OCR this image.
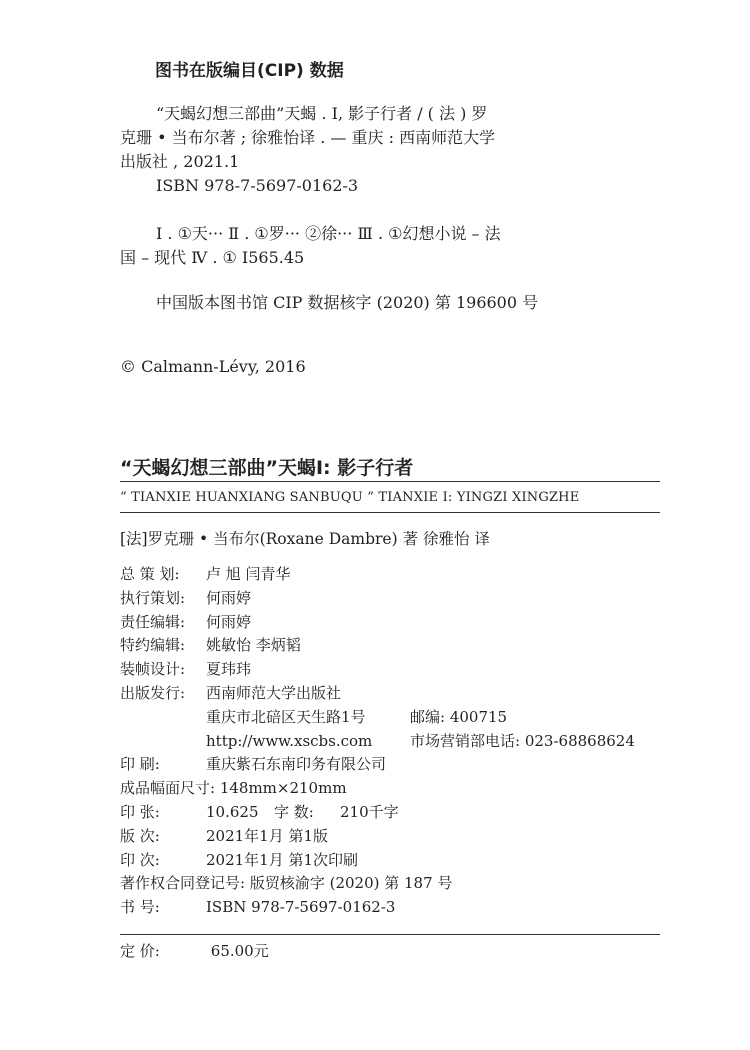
图书在版编目(CIP) 数据
“天蝎幻想三部曲”天蝎 . Ⅰ, 影子行者 / ( 法 ) 罗
克珊 • 当布尔著 ; 徐雅怡译 . — 重庆 : 西南师范大学
出版社 , 2021.1
ISBN 978-7-5697-0162-3
Ⅰ . ①天··· Ⅱ . ①罗··· ②徐··· Ⅲ . ①幻想小说 – 法
国 – 现代 Ⅳ . ① I565.45
中国版本图书馆 CIP 数据核字 (2020) 第 196600 号
© Calmann-Lévy, 2016
“天蝎幻想三部曲”天蝎Ⅰ: 影子行者
“ TIANXIE HUANXIANG SANBUQU ” TIANXIE I: YINGZI XINGZHE
[法]罗克珊 • 当布尔(Roxane Dambre) 著 徐雅怡 译
总 策 划:	卢 旭 闫青华
执行策划:	何雨婷
责任编辑:	何雨婷
特约编辑:	姚敏怡 李炳韬
装帧设计:	夏玮玮
出版发行:	西南师范大学出版社
重庆市北碚区天生路1号	邮编: 400715
http://www.xscbs.com	市场营销部电话: 023-68868624
印 刷:	重庆紫石东南印务有限公司
成品幅面尺寸: 148mm×210mm
印 张:	10.625	字 数:	210千字
版 次:	2021年1月 第1版
印 次:	2021年1月 第1次印刷
著作权合同登记号: 版贸核渝字 (2020) 第 187 号
书 号:	ISBN 978-7-5697-0162-3
定 价:	65.00元
